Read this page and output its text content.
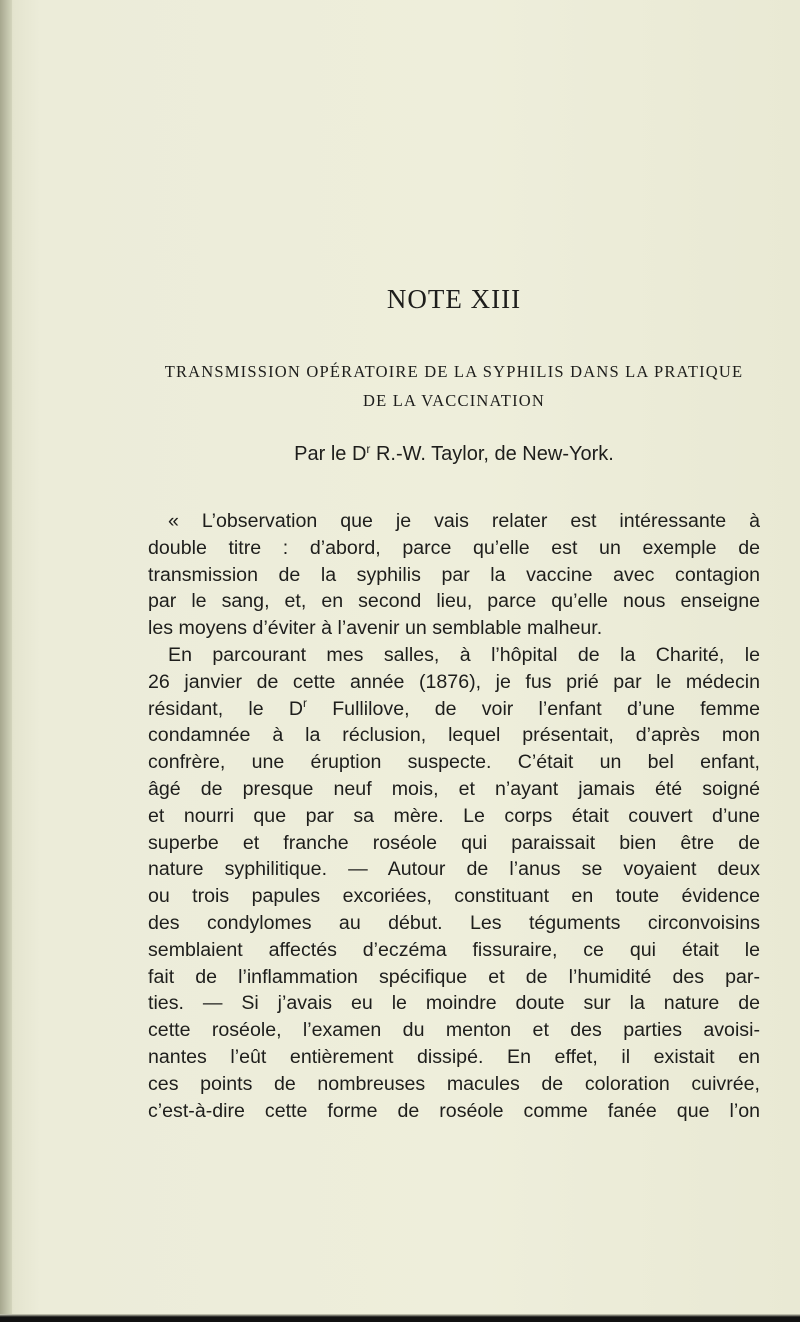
NOTE XIII
TRANSMISSION OPÉRATOIRE DE LA SYPHILIS DANS LA PRATIQUE
DE LA VACCINATION
Par le $D^r$ R.-W. Taylor, de New-York.
« L’observation que je vais relater est intéressante à
double titre : d’abord, parce qu’elle est un exemple de
transmission de la syphilis par la vaccine avec contagion
par le sang, et, en second lieu, parce qu’elle nous enseigne
les moyens d’éviter à l’avenir un semblable malheur.
En parcourant mes salles, à l’hôpital de la Charité, le
26 janvier de cette année (1876), je fus prié par le médecin
résidant, le $D^r$ Fullilove, de voir l’enfant d’une femme
condamnée à la réclusion, lequel présentait, d’après mon
confrère, une éruption suspecte. C’était un bel enfant,
âgé de presque neuf mois, et n’ayant jamais été soigné
et nourri que par sa mère. Le corps était couvert d’une
superbe et franche roséole qui paraissait bien être de
nature syphilitique. — Autour de l’anus se voyaient deux
ou trois papules excoriées, constituant en toute évidence
des condylomes au début. Les téguments circonvoisins
semblaient affectés d’eczéma fissuraire, ce qui était le
fait de l’inflammation spécifique et de l’humidité des par-
ties. — Si j’avais eu le moindre doute sur la nature de
cette roséole, l’examen du menton et des parties avoisi-
nantes l’eût entièrement dissipé. En effet, il existait en
ces points de nombreuses macules de coloration cuivrée,
c’est-à-dire cette forme de roséole comme fanée que l’on
